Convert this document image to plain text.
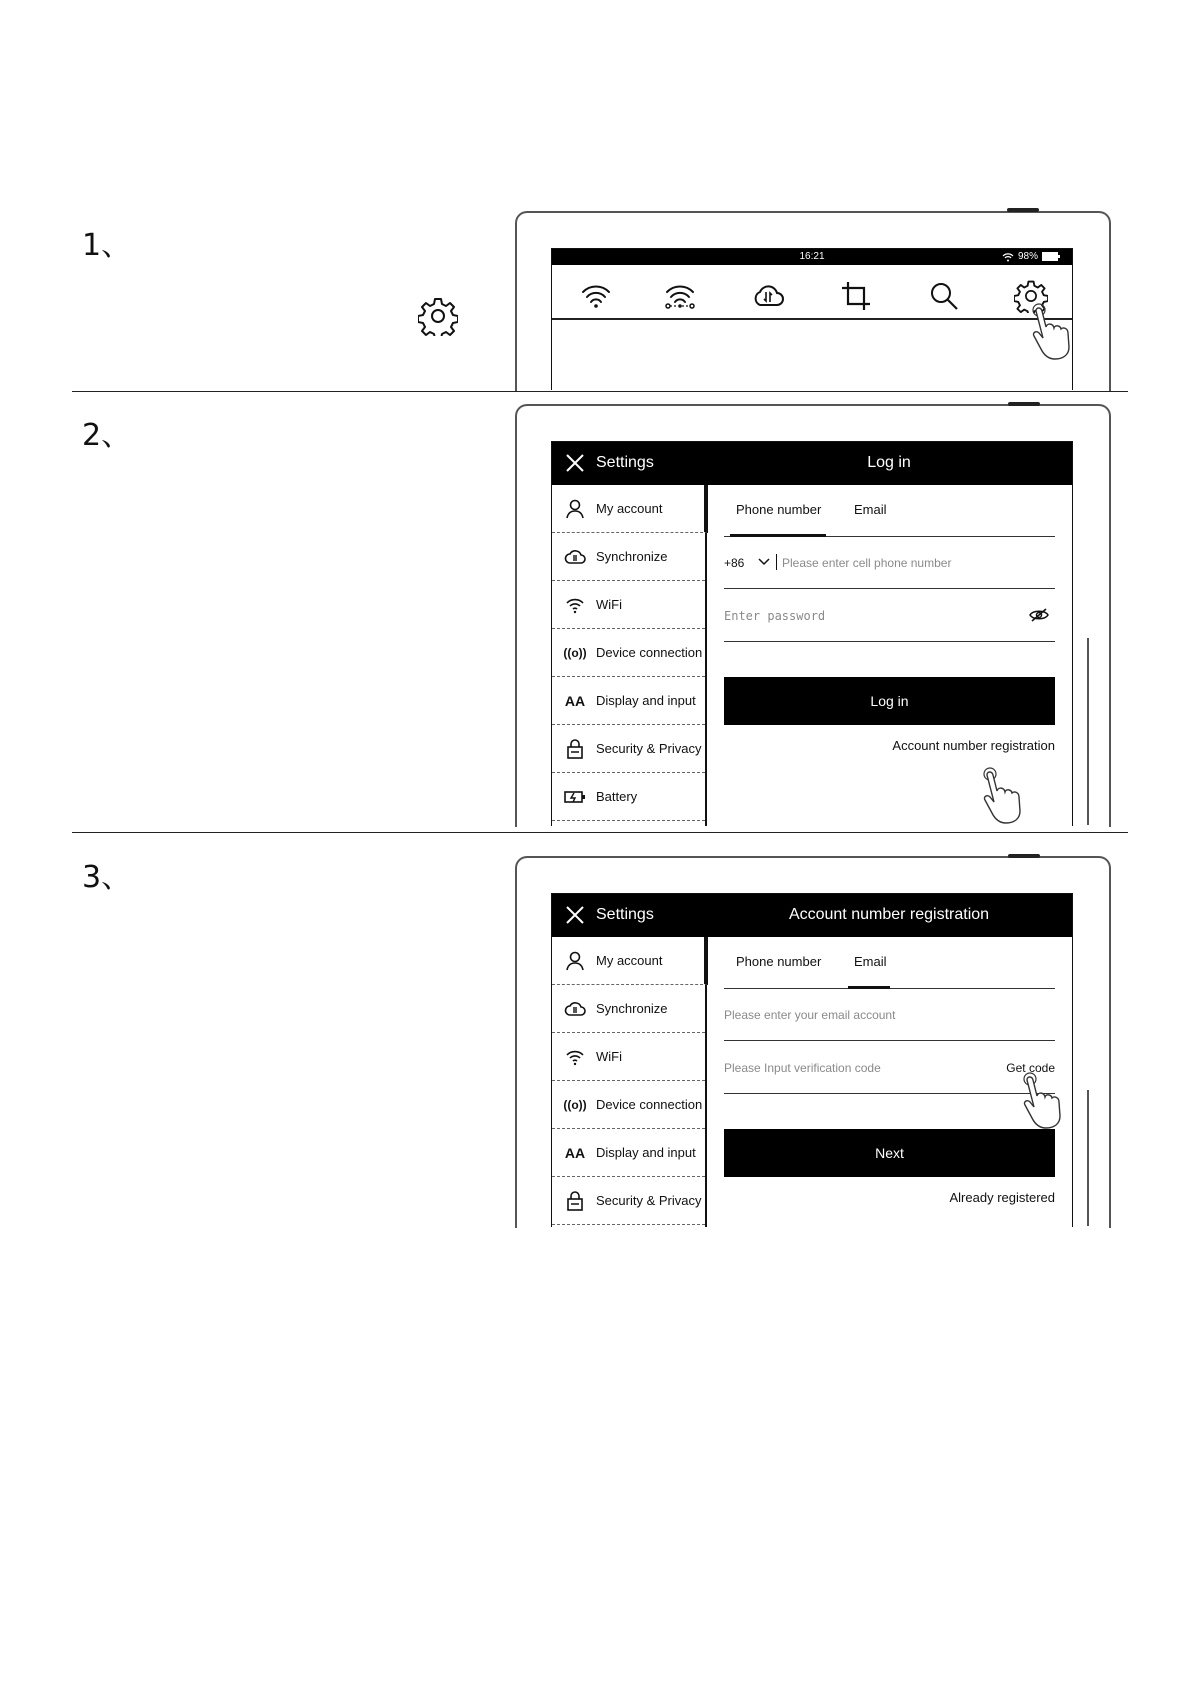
1、	16:21	98%
2、
Settings	Log in
My account
Synchronize
WiFi
((o)) Device connection
AA Display and input
Security & Privacy
Battery
Phone number	Email
+86	Please enter cell phone number
Enter password
Log in
Account number registration
3、
Settings	Account number registration
My account
Synchronize
WiFi
((o)) Device connection
AA Display and input
Security & Privacy
Phone number	Email
Please enter your email account
Please Input verification code	Get code
Next
Already registered
